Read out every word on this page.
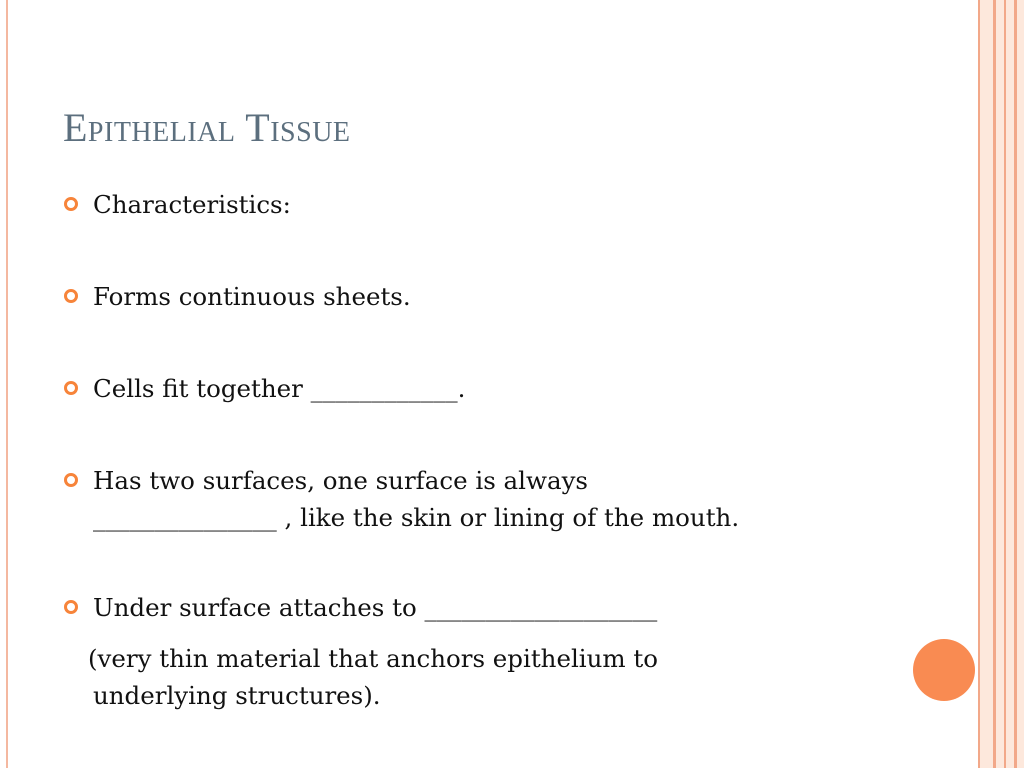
Epithelial Tissue
Characteristics:
Forms continuous sheets.
Cells fit together ____________.
Has two surfaces, one surface is always
_______________ , like the skin or lining of the mouth.
Under surface attaches to ___________________
(very thin material that anchors epithelium to
underlying structures).
